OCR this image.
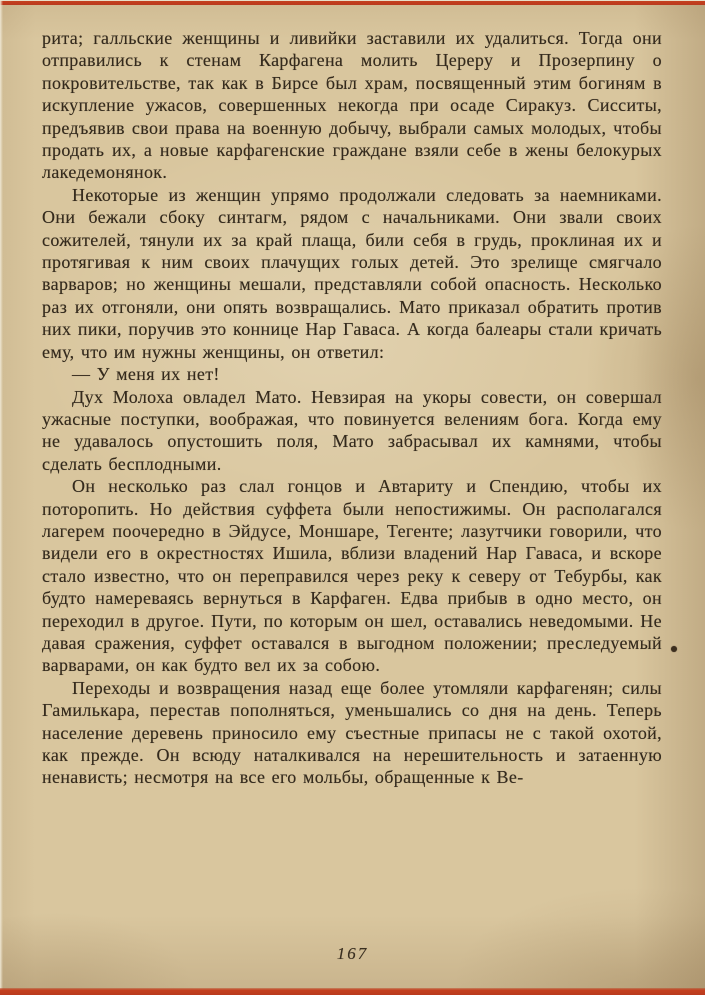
рита; галльские женщины и ливийки заставили их удалиться. Тогда они отправились к стенам Карфагена молить Цереру и Прозерпину о покровительстве, так как в Бирсе был храм, посвященный этим богиням в искупление ужасов, совершенных некогда при осаде Сиракуз. Сисситы, предъявив свои права на военную добычу, выбрали самых молодых, чтобы продать их, а новые карфагенские граждане взяли себе в жены белокурых лакедемонянок.

Некоторые из женщин упрямо продолжали следовать за наемниками. Они бежали сбоку синтагм, рядом с начальниками. Они звали своих сожителей, тянули их за край плаща, били себя в грудь, проклиная их и протягивая к ним своих плачущих голых детей. Это зрелище смягчало варваров; но женщины мешали, представляли собой опасность. Несколько раз их отгоняли, они опять возвращались. Мато приказал обратить против них пики, поручив это коннице Нар Гаваса. А когда балеары стали кричать ему, что им нужны женщины, он ответил:

— У меня их нет!

Дух Молоха овладел Мато. Невзирая на укоры совести, он совершал ужасные поступки, воображая, что повинуется велениям бога. Когда ему не удавалось опустошить поля, Мато забрасывал их камнями, чтобы сделать бесплодными.

Он несколько раз слал гонцов и Автариту и Спендию, чтобы их поторопить. Но действия суффета были непостижимы. Он располагался лагерем поочередно в Эйдусе, Моншаре, Тегенте; лазутчики говорили, что видели его в окрестностях Ишила, вблизи владений Нар Гаваса, и вскоре стало известно, что он переправился через реку к северу от Тебурбы, как будто намереваясь вернуться в Карфаген. Едва прибыв в одно место, он переходил в другое. Пути, по которым он шел, оставались неведомыми. Не давая сражения, суффет оставался в выгодном положении; преследуемый варварами, он как будто вел их за собою.

Переходы и возвращения назад еще более утомляли карфагенян; силы Гамилькара, перестав пополняться, уменьшались со дня на день. Теперь население деревень приносило ему съестные припасы не с такой охотой, как прежде. Он всюду наталкивался на нерешительность и затаенную ненависть; несмотря на все его мольбы, обращенные к Ве-

167
